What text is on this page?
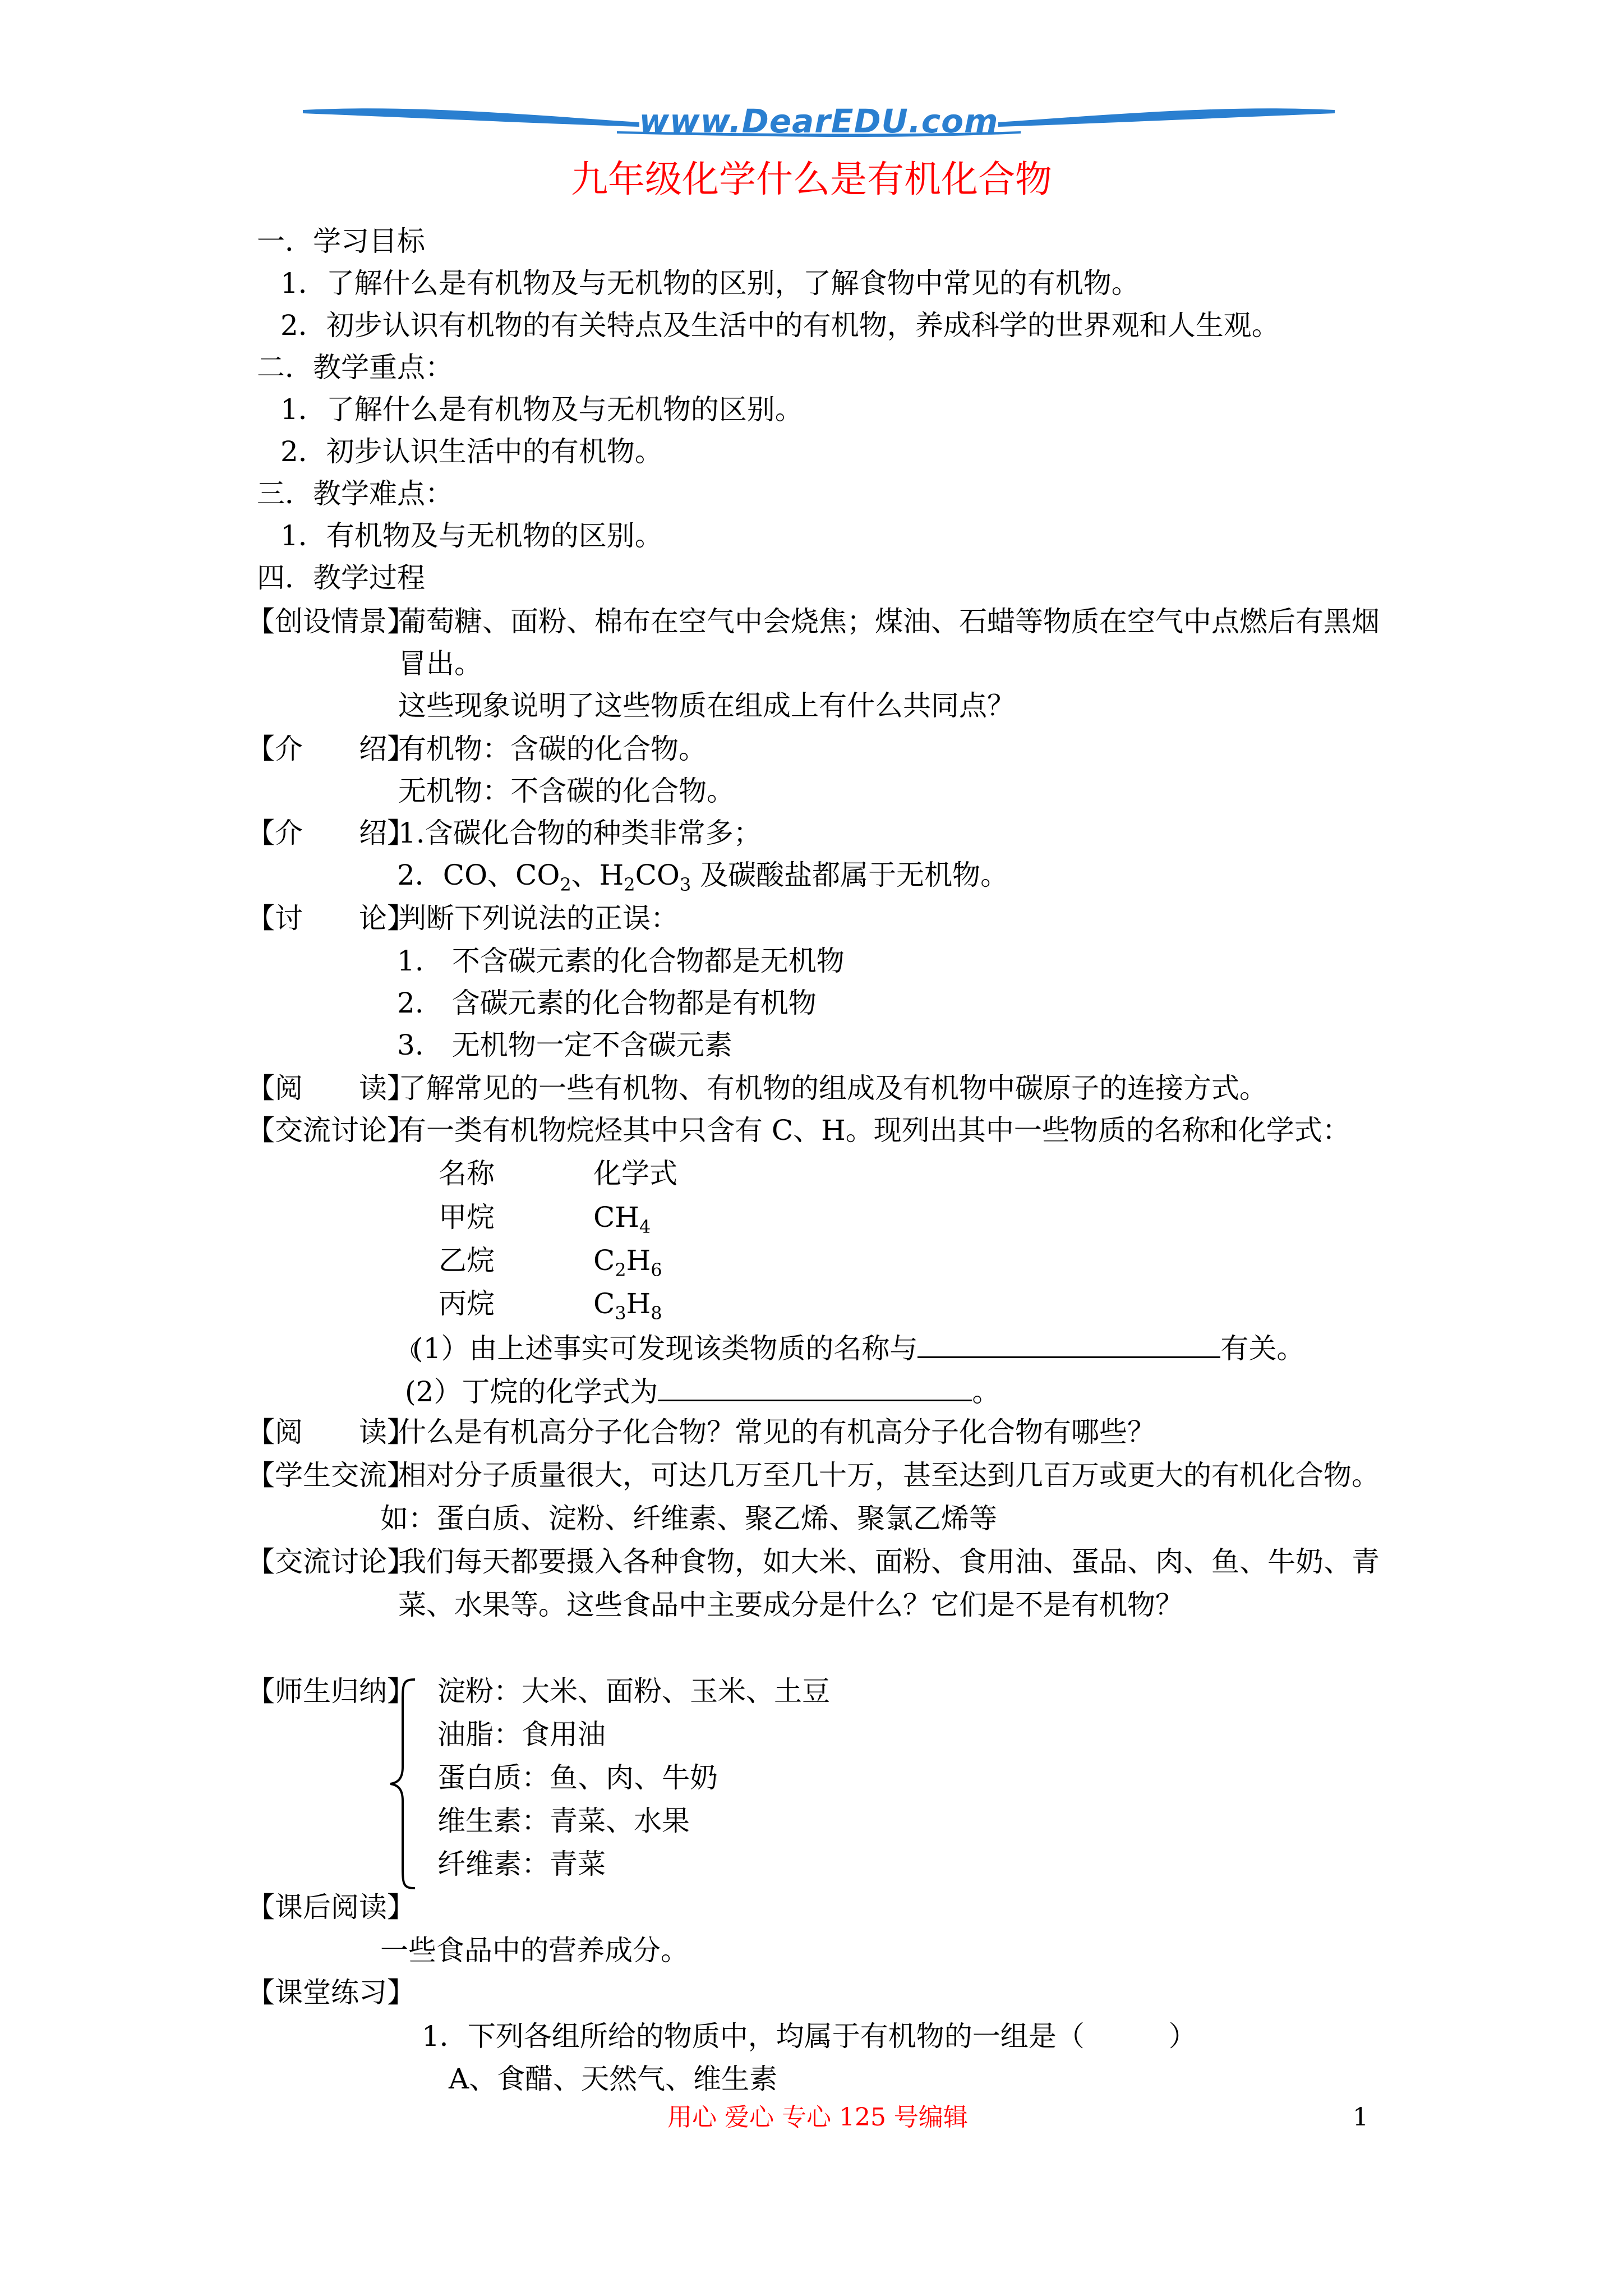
www.DearEDU.com
九年级化学什么是有机化合物
一．学习目标
1．了解什么是有机物及与无机物的区别，了解食物中常见的有机物。
2．初步认识有机物的有关特点及生活中的有机物，养成科学的世界观和人生观。
二．教学重点：
1．了解什么是有机物及与无机物的区别。
2．初步认识生活中的有机物。
三．教学难点：
1．有机物及与无机物的区别。
四．教学过程
【创设情景】
葡萄糖、面粉、棉布在空气中会烧焦；煤油、石蜡等物质在空气中点燃后有黑烟
冒出。
这些现象说明了这些物质在组成上有什么共同点？
【介　　绍】
有机物：含碳的化合物。
无机物：不含碳的化合物。
【介　　绍】
1.含碳化合物的种类非常多；
2．CO、$CO_2$、$H_2CO_3$ 及碳酸盐都属于无机物。
【讨　　论】
判断下列说法的正误：
1.　不含碳元素的化合物都是无机物
2.　含碳元素的化合物都是有机物
3.　无机物一定不含碳元素
【阅　　读】
了解常见的一些有机物、有机物的组成及有机物中碳原子的连接方式。
【交流讨论】
有一类有机物烷烃其中只含有 C、H。现列出其中一些物质的名称和化学式：
名称	化学式
甲烷	$CH_4$
乙烷	$C_2H_6$
丙烷	$C_3H_8$
（
(1）由上述事实可发现该类物质的名称与	有关。
(2）丁烷的化学式为	。
【阅　　读】
什么是有机高分子化合物？常见的有机高分子化合物有哪些？
【学生交流】
相对分子质量很大，可达几万至几十万，甚至达到几百万或更大的有机化合物。
如：蛋白质、淀粉、纤维素、聚乙烯、聚氯乙烯等
【交流讨论】
我们每天都要摄入各种食物，如大米、面粉、食用油、蛋品、肉、鱼、牛奶、青
菜、水果等。这些食品中主要成分是什么？它们是不是有机物？
【师生归纳】 淀粉：大米、面粉、玉米、土豆
油脂：食用油
蛋白质：鱼、肉、牛奶
维生素：青菜、水果
纤维素：青菜
【课后阅读】
一些食品中的营养成分。
【课堂练习】
1．下列各组所给的物质中，均属于有机物的一组是（　　　）
A、食醋、天然气、维生素
用心 爱心 专心 125 号编辑	1
